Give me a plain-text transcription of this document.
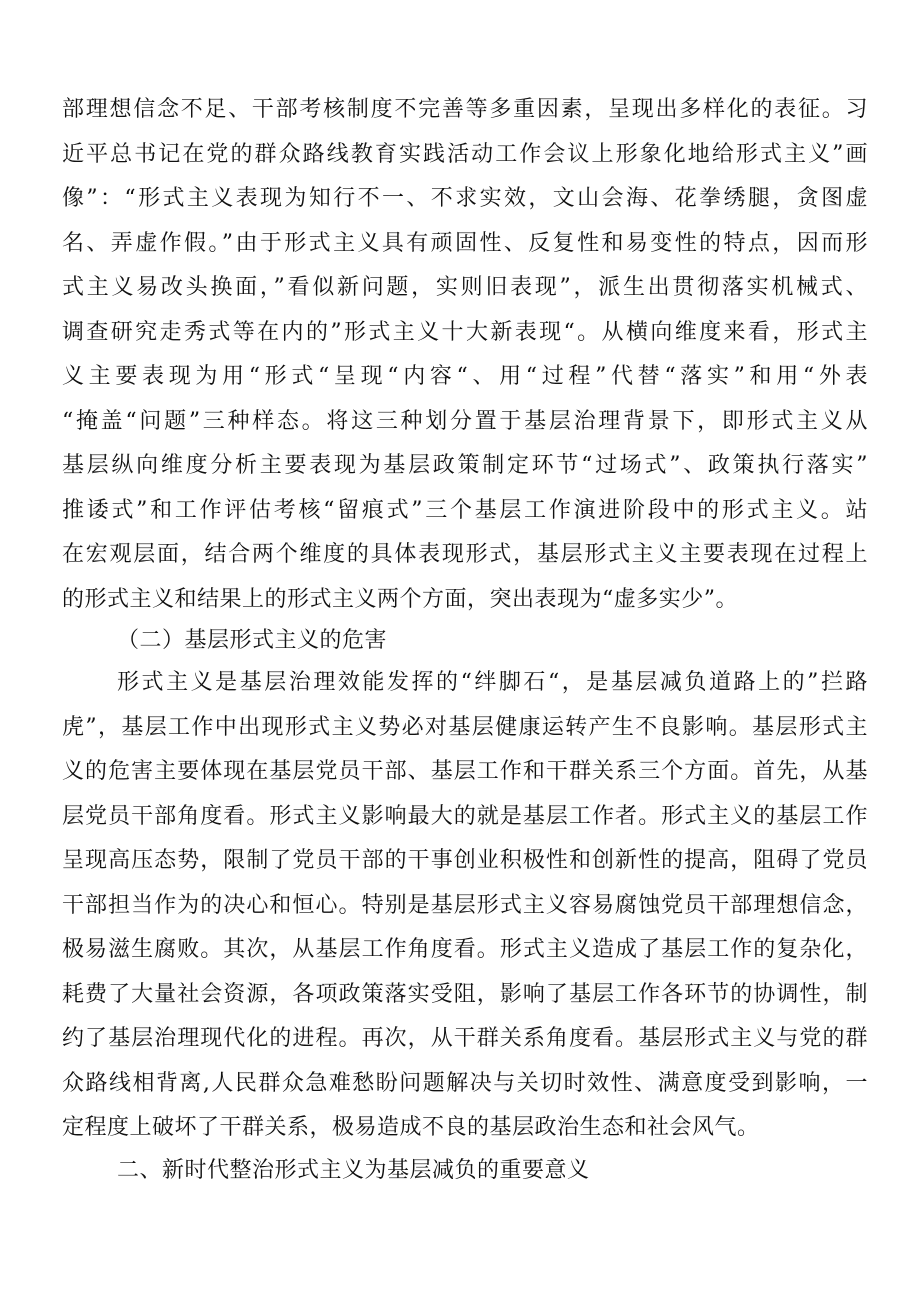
部理想信念不足、干部考核制度不完善等多重因素，呈现出多样化的表征。习
近平总书记在党的群众路线教育实践活动工作会议上形象化地给形式主义”画
像”：“形式主义表现为知行不一、不求实效，文山会海、花拳绣腿，贪图虚
名、弄虚作假。”由于形式主义具有顽固性、反复性和易变性的特点，因而形
式主义易改头换面，”看似新问题，实则旧表现”，派生出贯彻落实机械式、
调查研究走秀式等在内的”形式主义十大新表现“。从横向维度来看，形式主
义主要表现为用“形式“呈现“内容“、用“过程”代替“落实”和用“外表
“掩盖“问题”三种样态。将这三种划分置于基层治理背景下，即形式主义从
基层纵向维度分析主要表现为基层政策制定环节“过场式”、政策执行落实”
推诿式”和工作评估考核“留痕式”三个基层工作演进阶段中的形式主义。站
在宏观层面，结合两个维度的具体表现形式，基层形式主义主要表现在过程上
的形式主义和结果上的形式主义两个方面，突出表现为“虚多实少”。
（二）基层形式主义的危害
形式主义是基层治理效能发挥的“绊脚石“，是基层减负道路上的”拦路
虎”，基层工作中出现形式主义势必对基层健康运转产生不良影响。基层形式主
义的危害主要体现在基层党员干部、基层工作和干群关系三个方面。首先，从基
层党员干部角度看。形式主义影响最大的就是基层工作者。形式主义的基层工作
呈现高压态势，限制了党员干部的干事创业积极性和创新性的提高，阻碍了党员
干部担当作为的决心和恒心。特别是基层形式主义容易腐蚀党员干部理想信念，
极易滋生腐败。其次，从基层工作角度看。形式主义造成了基层工作的复杂化，
耗费了大量社会资源，各项政策落实受阻，影响了基层工作各环节的协调性，制
约了基层治理现代化的进程。再次，从干群关系角度看。基层形式主义与党的群
众路线相背离,人民群众急难愁盼问题解决与关切时效性、满意度受到影响，一
定程度上破坏了干群关系，极易造成不良的基层政治生态和社会风气。
二、新时代整治形式主义为基层减负的重要意义
